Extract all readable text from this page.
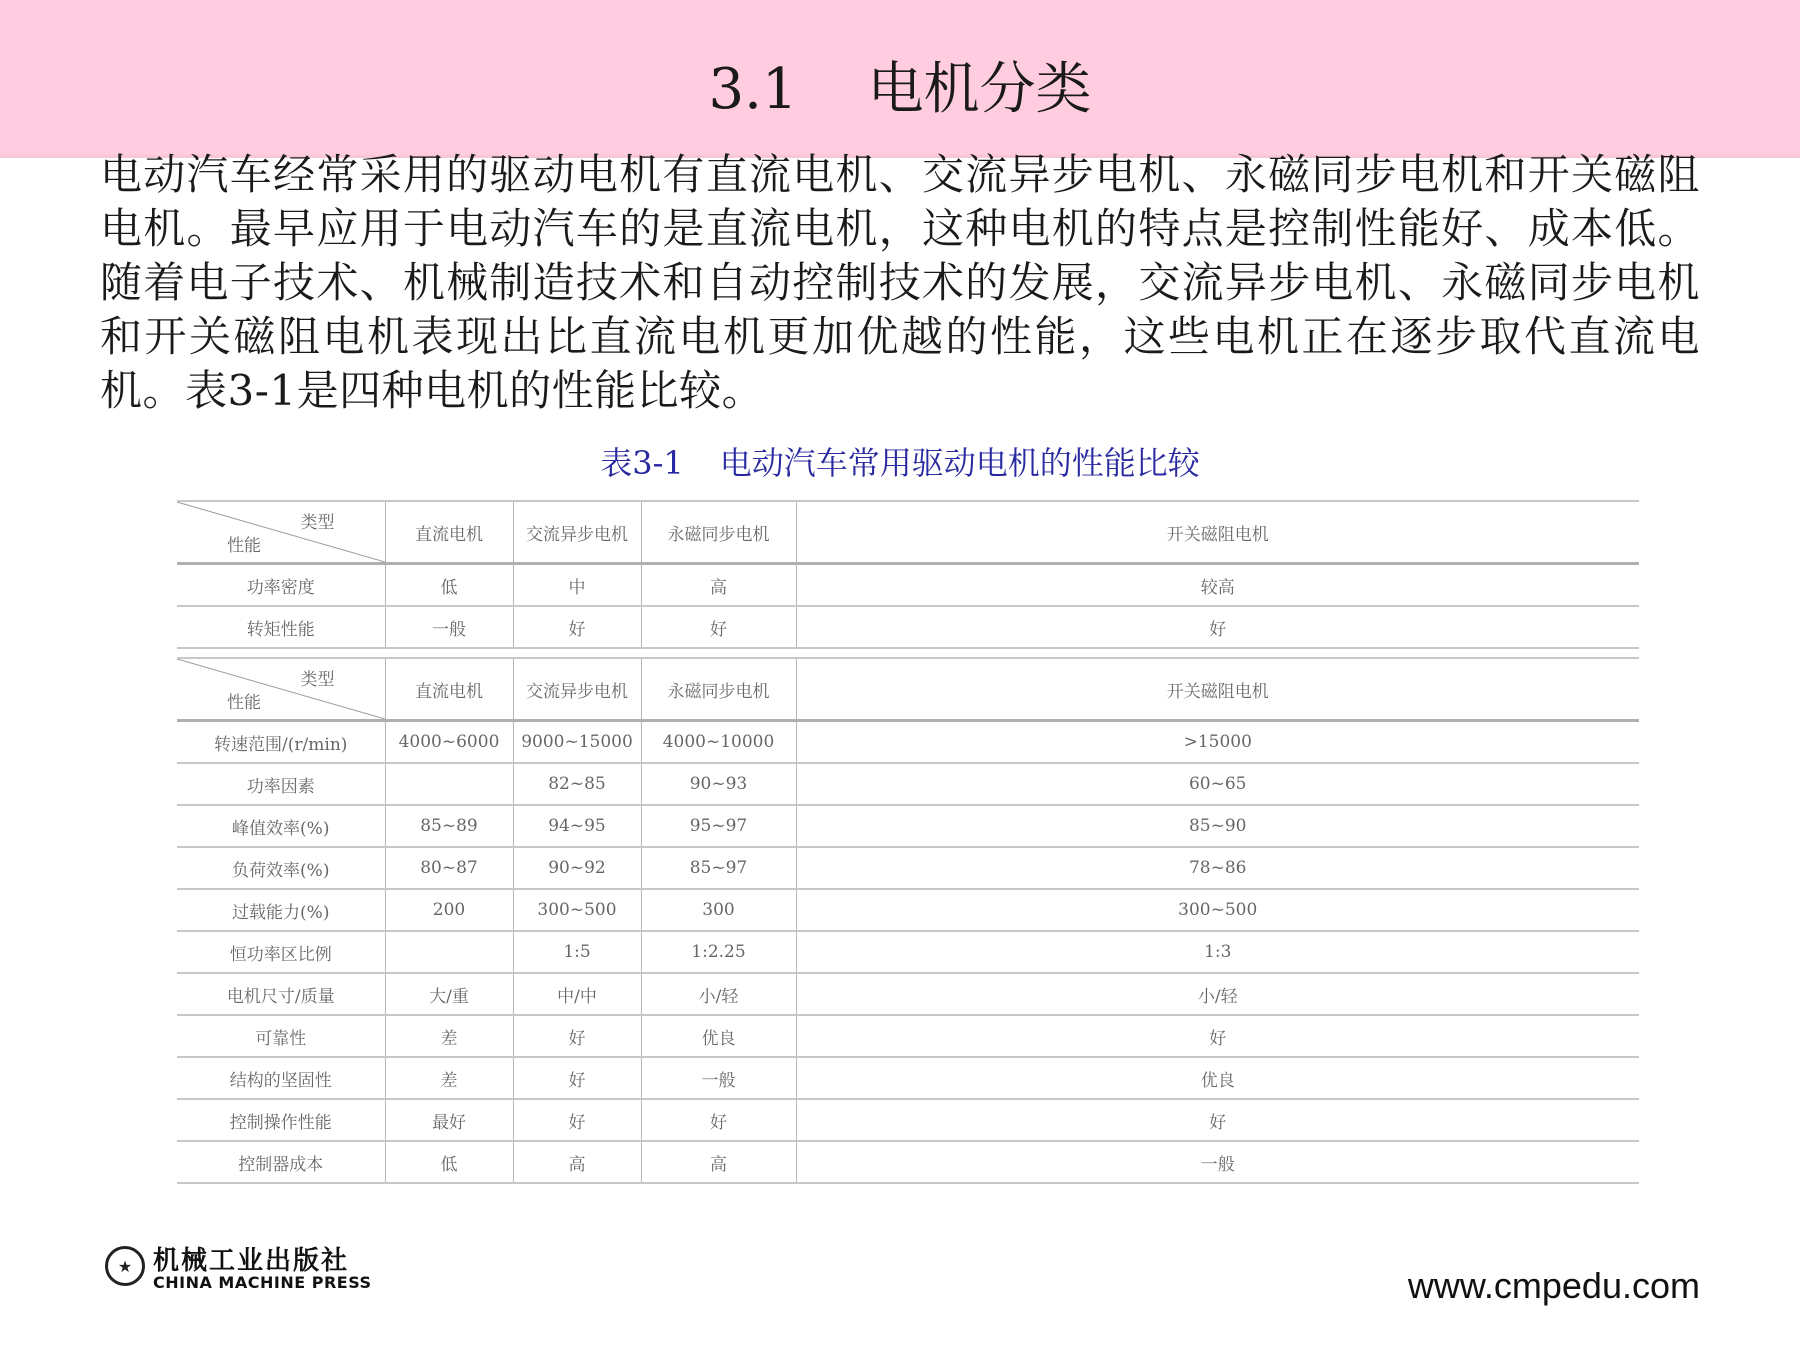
3.1 电机分类
电动汽车经常采用的驱动电机有直流电机、交流异步电机、永磁同步电机和开关磁阻电机。最早应用于电动汽车的是直流电机，这种电机的特点是控制性能好、成本低。随着电子技术、机械制造技术和自动控制技术的发展，交流异步电机、永磁同步电机和开关磁阻电机表现出比直流电机更加优越的性能，这些电机正在逐步取代直流电机。表3-1是四种电机的性能比较。
表3-1 电动汽车常用驱动电机的性能比较
类型
性能	直流电机	交流异步电机	永磁同步电机	开关磁阻电机
功率密度	低	中	高	较高
转矩性能	一般	好	好	好
类型
性能	直流电机	交流异步电机	永磁同步电机	开关磁阻电机
转速范围/(r/min)	4000~6000	9000~15000	4000~10000	>15000
功率因素		82~85	90~93	60~65
峰值效率(%)	85~89	94~95	95~97	85~90
负荷效率(%)	80~87	90~92	85~97	78~86
过载能力(%)	200	300~500	300	300~500
恒功率区比例		1:5	1:2.25	1:3
电机尺寸/质量	大/重	中/中	小/轻	小/轻
可靠性	差	好	优良	好
结构的坚固性	差	好	一般	优良
控制操作性能	最好	好	好	好
控制器成本	低	高	高	一般
★ 机械工业出版社
CHINA MACHINE PRESS	www.cmpedu.com
